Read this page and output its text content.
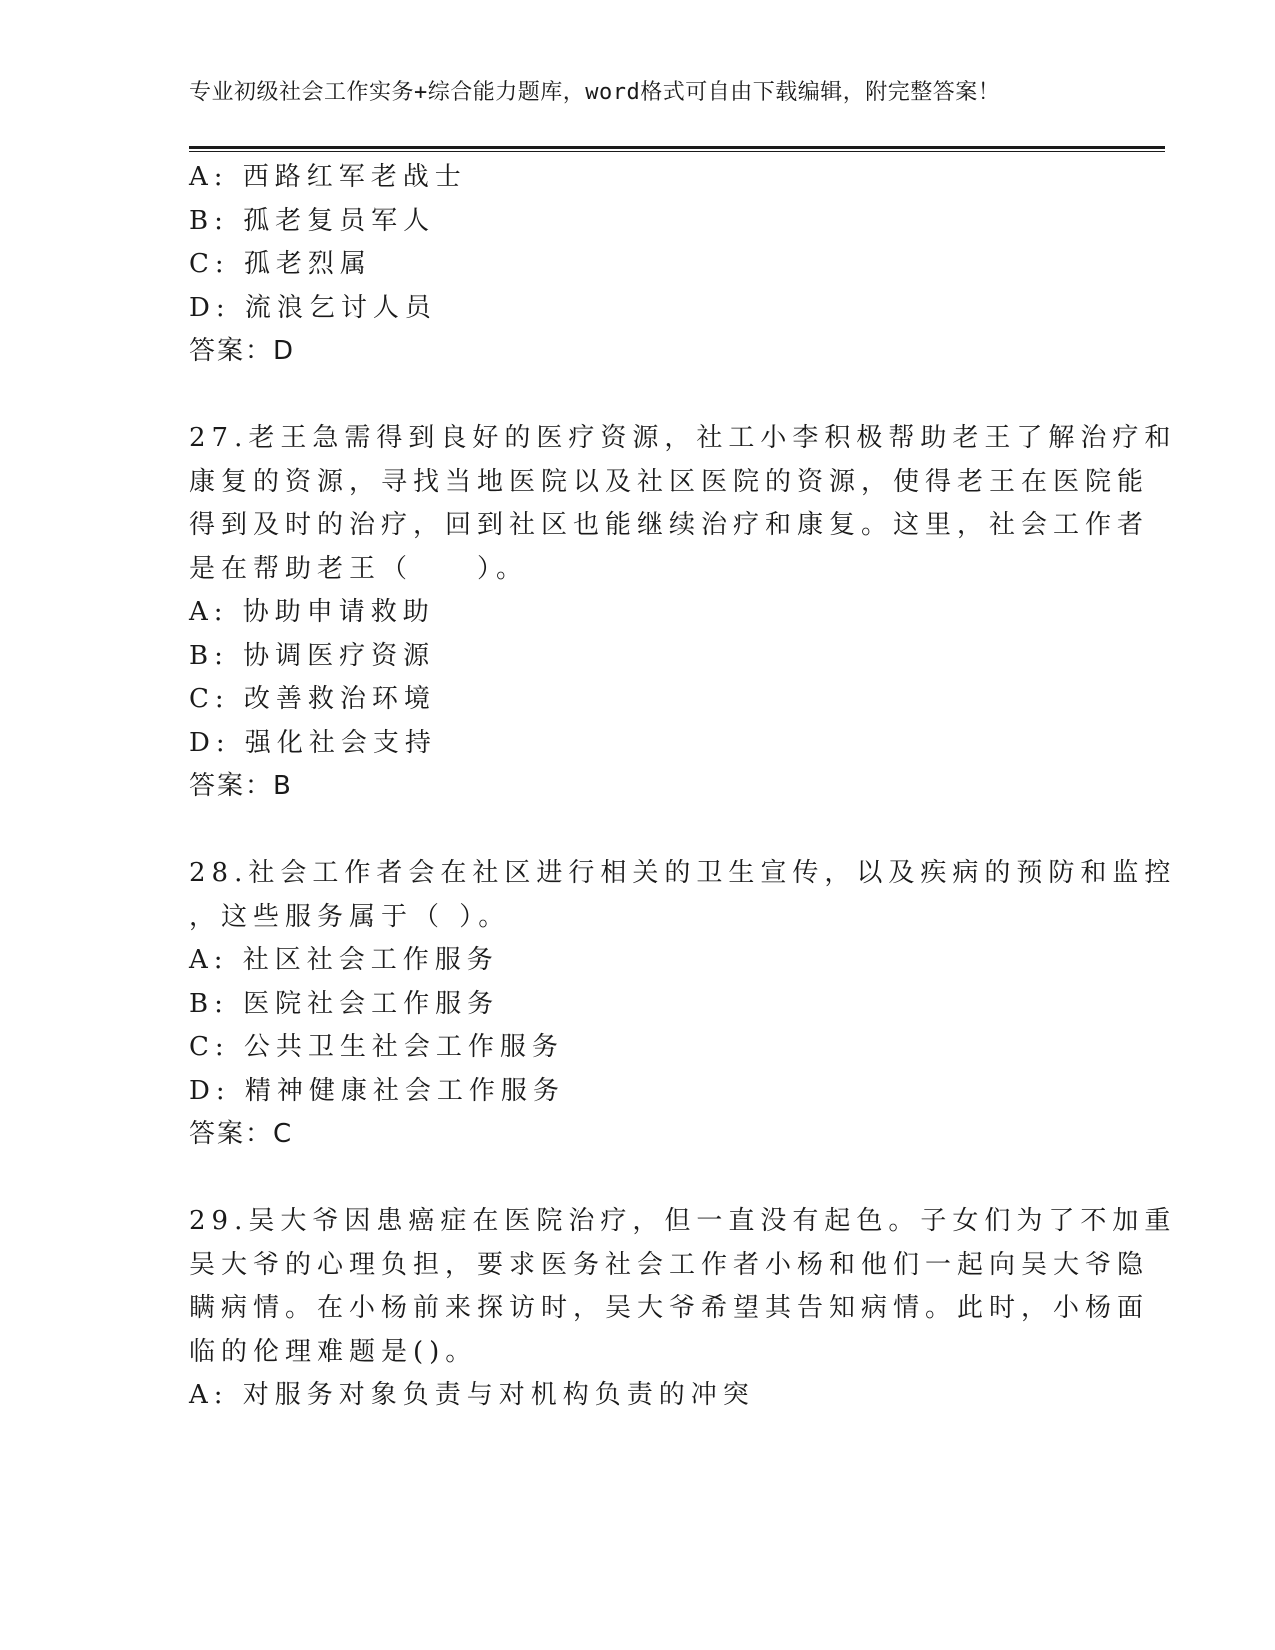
专业初级社会工作实务+综合能力题库，word格式可自由下载编辑，附完整答案！
A: 西路红军老战士
B: 孤老复员军人
C: 孤老烈属
D: 流浪乞讨人员
答案：D
27.老王急需得到良好的医疗资源，社工小李积极帮助老王了解治疗和
康复的资源，寻找当地医院以及社区医院的资源，使得老王在医院能
得到及时的治疗，回到社区也能继续治疗和康复。这里，社会工作者
是在帮助老王（　　）。
A: 协助申请救助
B: 协调医疗资源
C: 改善救治环境
D: 强化社会支持
答案：B
28.社会工作者会在社区进行相关的卫生宣传，以及疾病的预防和监控
，这些服务属于（ ）。
A: 社区社会工作服务
B: 医院社会工作服务
C: 公共卫生社会工作服务
D: 精神健康社会工作服务
答案：C
29.吴大爷因患癌症在医院治疗，但一直没有起色。子女们为了不加重
吴大爷的心理负担，要求医务社会工作者小杨和他们一起向吴大爷隐
瞒病情。在小杨前来探访时，吴大爷希望其告知病情。此时，小杨面
临的伦理难题是()。
A: 对服务对象负责与对机构负责的冲突
